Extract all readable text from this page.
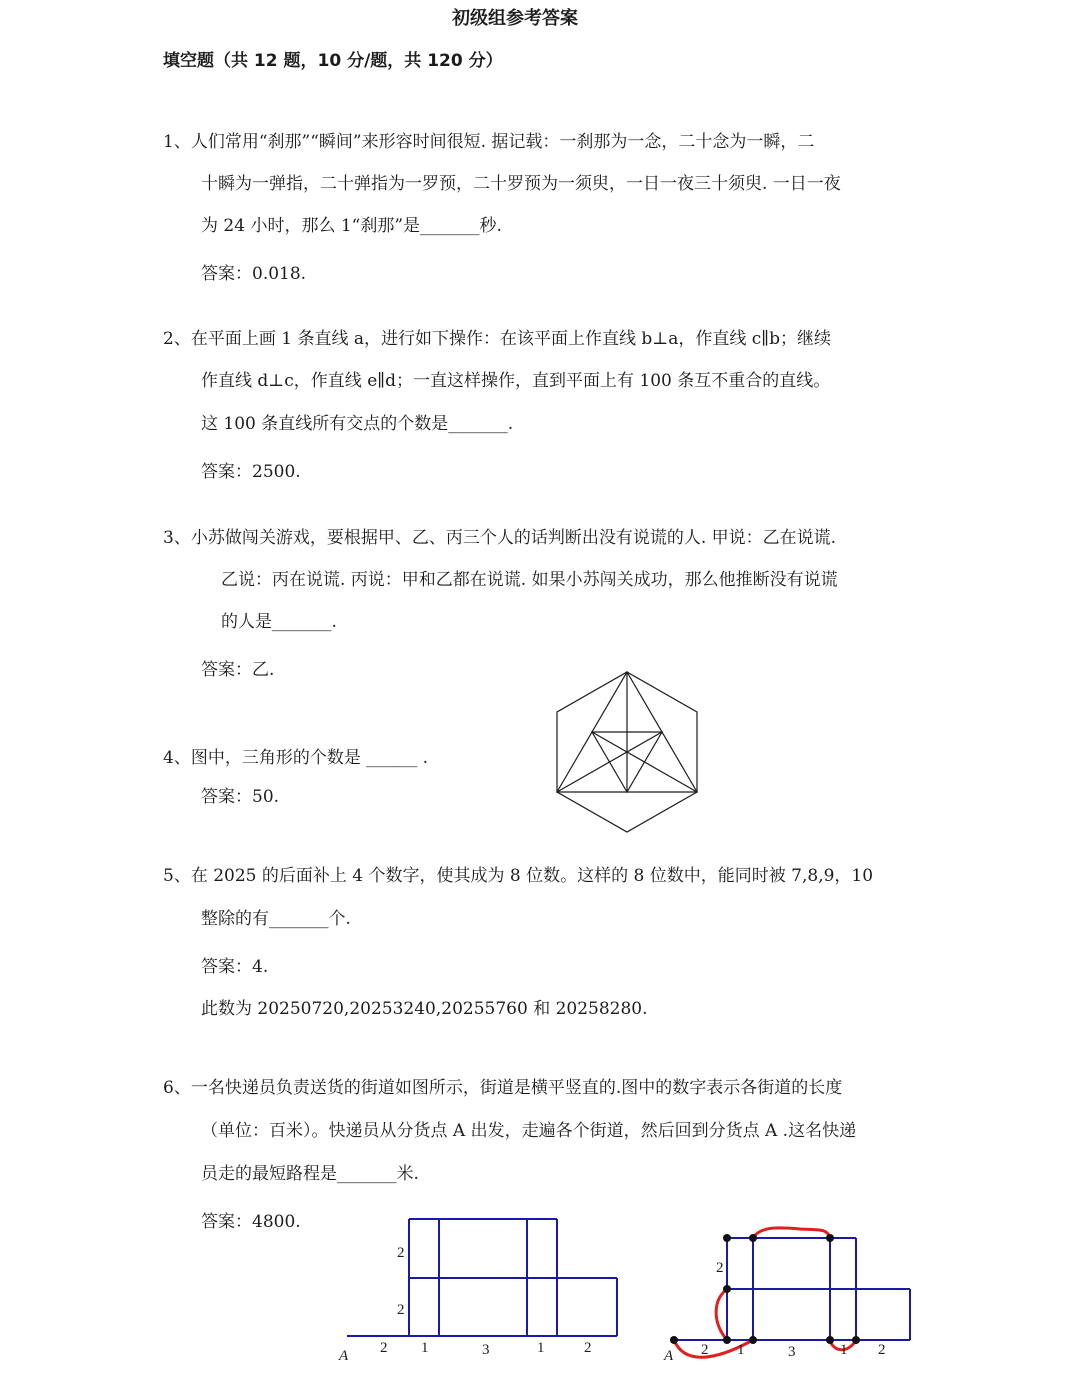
初级组参考答案
填空题（共 12 题，10 分/题，共 120 分）
1、人们常用“刹那”“瞬间”来形容时间很短. 据记载：一刹那为一念，二十念为一瞬，二
十瞬为一弹指，二十弹指为一罗预，二十罗预为一须臾，一日一夜三十须臾. 一日一夜
为 24 小时，那么 1“刹那”是_______秒.
答案：0.018.
2、在平面上画 1 条直线 a，进行如下操作：在该平面上作直线 b⊥a，作直线 c∥b；继续
作直线 d⊥c，作直线 e∥d；一直这样操作，直到平面上有 100 条互不重合的直线。
这 100 条直线所有交点的个数是_______.
答案：2500.
3、小苏做闯关游戏，要根据甲、乙、丙三个人的话判断出没有说谎的人. 甲说：乙在说谎.
乙说：丙在说谎. 丙说：甲和乙都在说谎. 如果小苏闯关成功，那么他推断没有说谎
的人是_______.
答案：乙.
4、图中，三角形的个数是 ______ .
答案：50.
5、在 2025 的后面补上 4 个数字，使其成为 8 位数。这样的 8 位数中，能同时被 7,8,9，10
整除的有_______个.
答案：4.
此数为 20250720,20253240,20255760 和 20258280.
6、一名快递员负责送货的街道如图所示，街道是横平竖直的.图中的数字表示各街道的长度
（单位：百米）。快递员从分货点 A 出发，走遍各个街道，然后回到分货点 A .这名快递
员走的最短路程是_______米.
答案：4800.
A 2 1	3	1	2
2
2
A 2 1	3	1 2
2
